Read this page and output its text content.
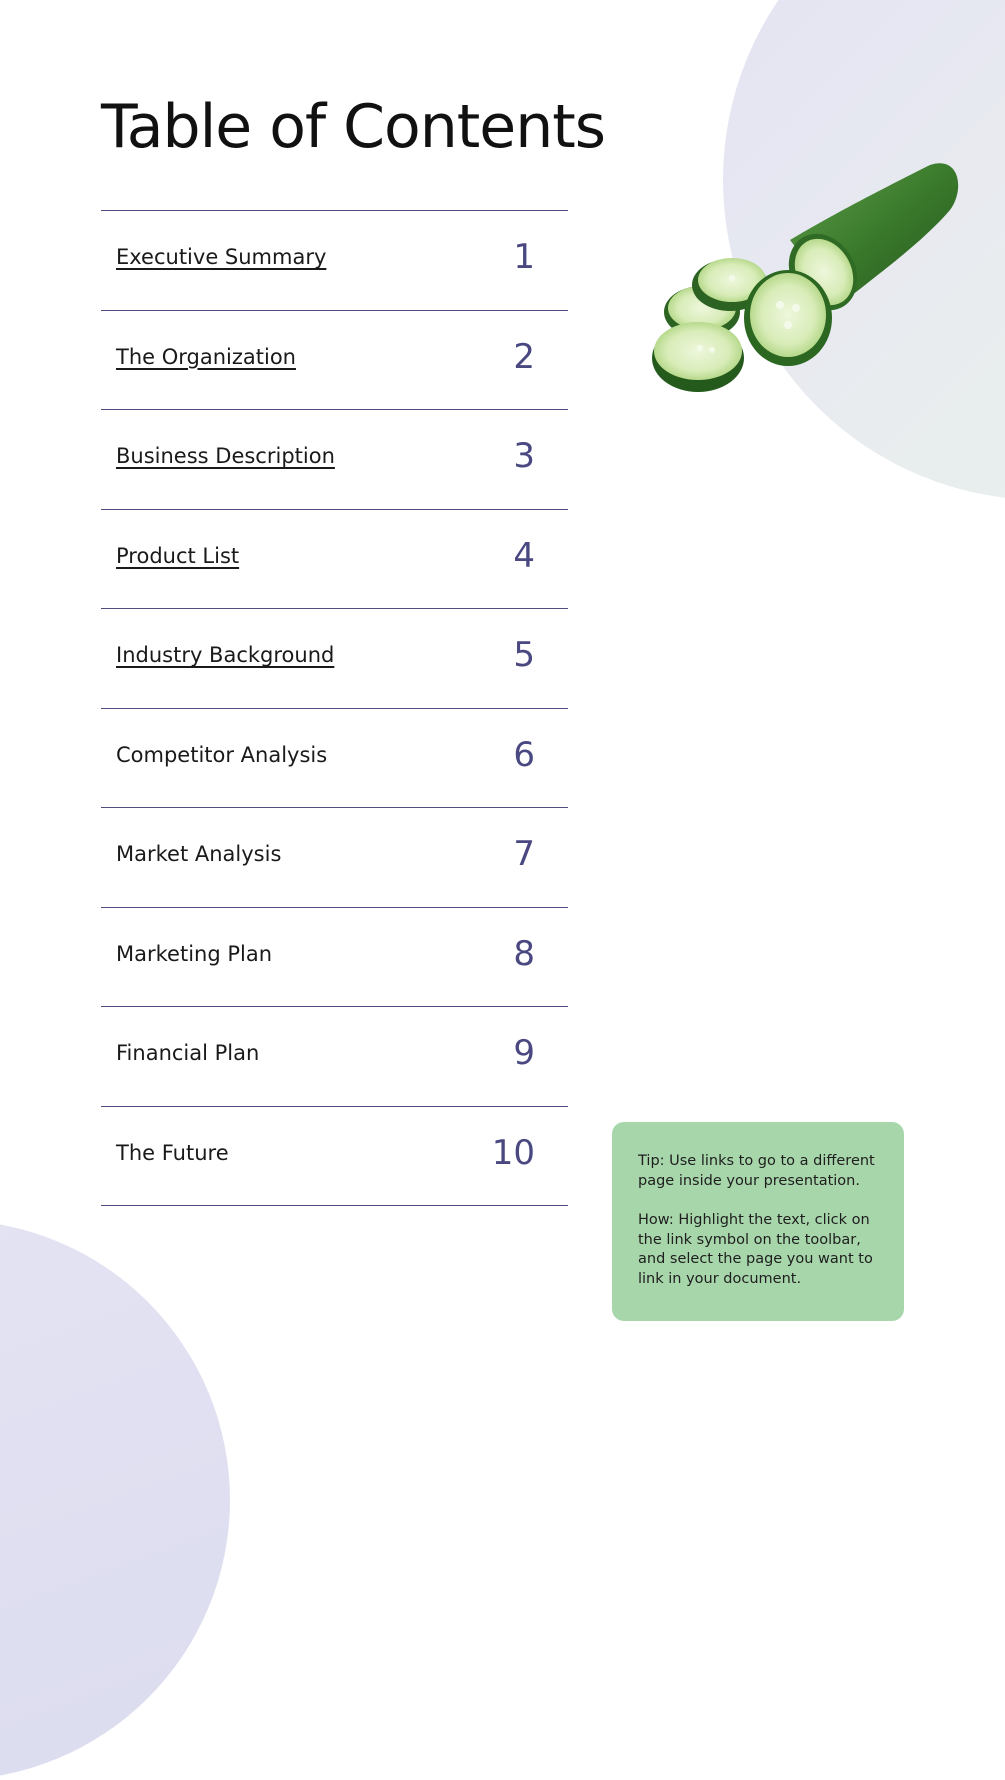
Table of Contents
Executive Summary	1
The Organization	2
Business Description	3
Product List	4
Industry Background	5
Competitor Analysis	6
Market Analysis	7
Marketing Plan	8
Financial Plan	9
The Future	10	Tip: Use links to go to a different page inside your presentation.

How: Highlight the text, click on the link symbol on the toolbar, and select the page you want to link in your document.
